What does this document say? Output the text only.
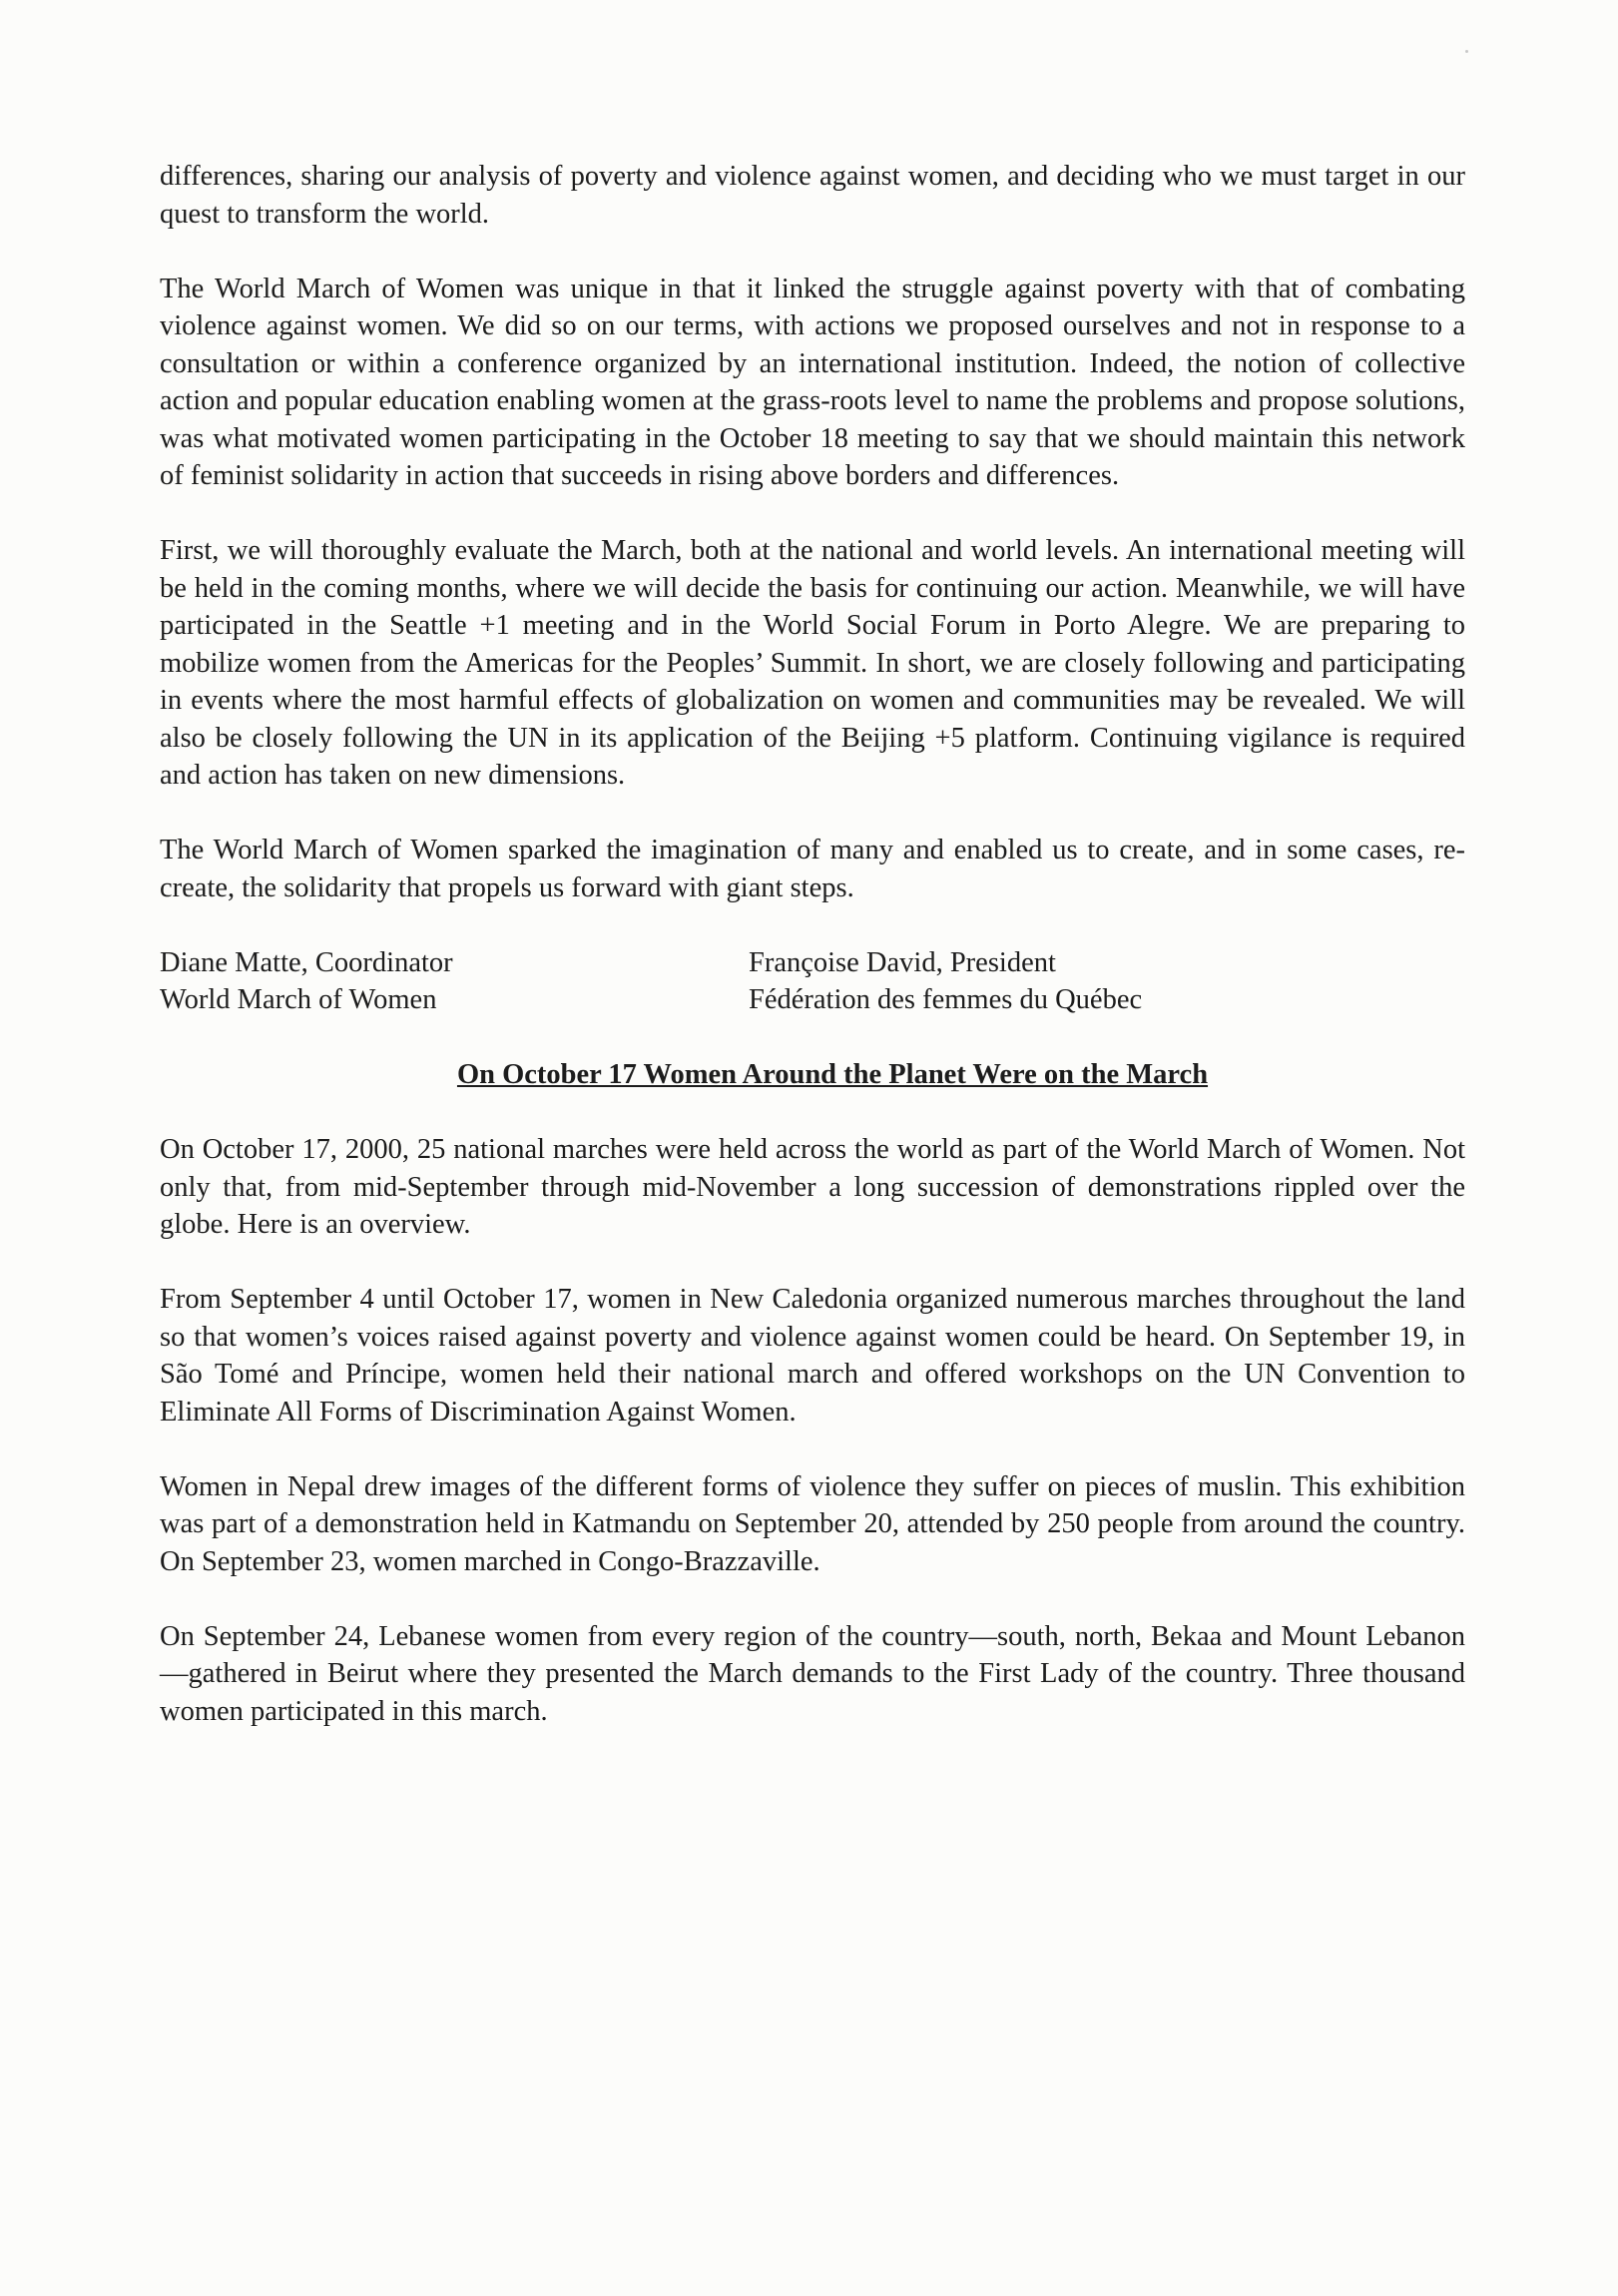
differences, sharing our analysis of poverty and violence against women, and deciding who we must target in our quest to transform the world.

The World March of Women was unique in that it linked the struggle against poverty with that of combating violence against women. We did so on our terms, with actions we proposed ourselves and not in response to a consultation or within a conference organized by an international institution. Indeed, the notion of collective action and popular education enabling women at the grass-roots level to name the problems and propose solutions, was what motivated women participating in the October 18 meeting to say that we should maintain this network of feminist solidarity in action that succeeds in rising above borders and differences.

First, we will thoroughly evaluate the March, both at the national and world levels. An international meeting will be held in the coming months, where we will decide the basis for continuing our action. Meanwhile, we will have participated in the Seattle +1 meeting and in the World Social Forum in Porto Alegre. We are preparing to mobilize women from the Americas for the Peoples’ Summit. In short, we are closely following and participating in events where the most harmful effects of globalization on women and communities may be revealed. We will also be closely following the UN in its application of the Beijing +5 platform. Continuing vigilance is required and action has taken on new dimensions.

The World March of Women sparked the imagination of many and enabled us to create, and in some cases, re-create, the solidarity that propels us forward with giant steps.

Diane Matte, Coordinator
World March of Women
Françoise David, President
Fédération des femmes du Québec
On October 17 Women Around the Planet Were on the March

On October 17, 2000, 25 national marches were held across the world as part of the World March of Women. Not only that, from mid-September through mid-November a long succession of demonstrations rippled over the globe. Here is an overview.

From September 4 until October 17, women in New Caledonia organized numerous marches throughout the land so that women’s voices raised against poverty and violence against women could be heard. On September 19, in São Tomé and Príncipe, women held their national march and offered workshops on the UN Convention to Eliminate All Forms of Discrimination Against Women.

Women in Nepal drew images of the different forms of violence they suffer on pieces of muslin. This exhibition was part of a demonstration held in Katmandu on September 20, attended by 250 people from around the country. On September 23, women marched in Congo-Brazzaville.

On September 24, Lebanese women from every region of the country—south, north, Bekaa and Mount Lebanon—gathered in Beirut where they presented the March demands to the First Lady of the country. Three thousand women participated in this march.
